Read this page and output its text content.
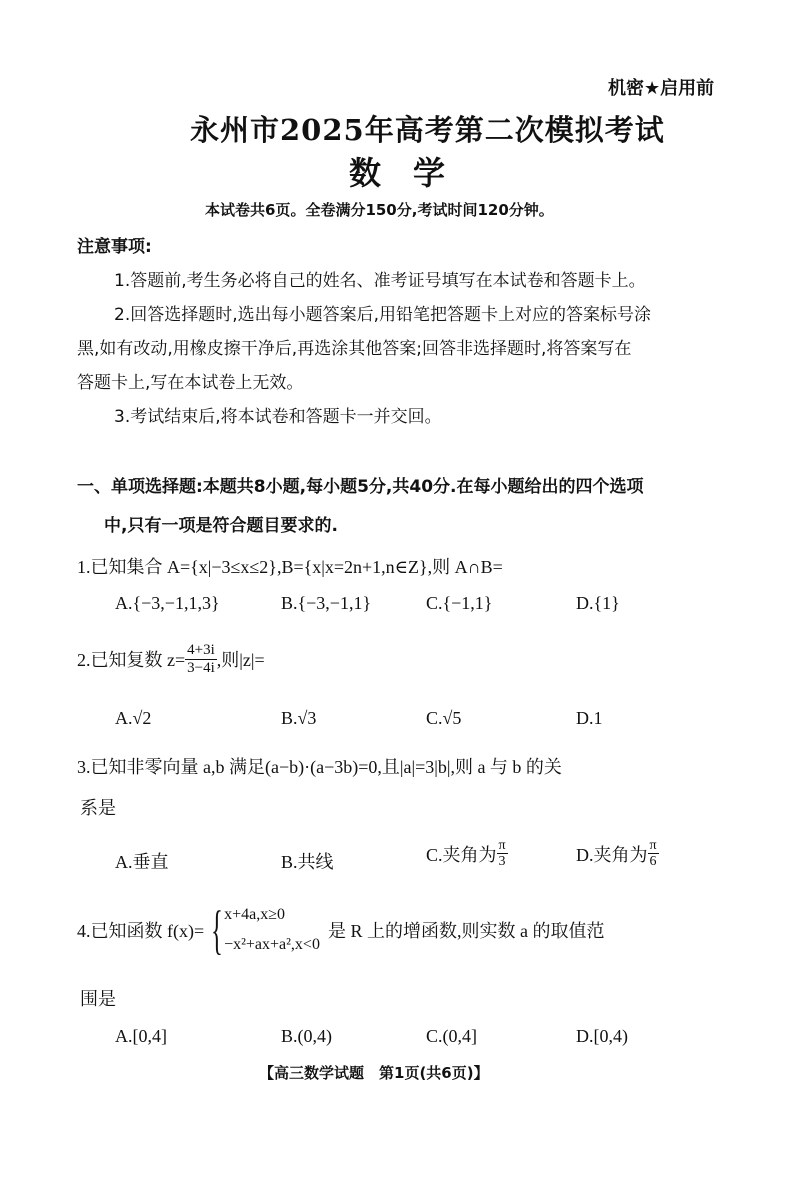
机密★启用前
永州市2025年高考第二次模拟考试
数　学
本试卷共6页。全卷满分150分,考试时间120分钟。
注意事项:
1.答题前,考生务必将自己的姓名、准考证号填写在本试卷和答题卡上。
2.回答选择题时,选出每小题答案后,用铅笔把答题卡上对应的答案标号涂
黑,如有改动,用橡皮擦干净后,再选涂其他答案;回答非选择题时,将答案写在
答题卡上,写在本试卷上无效。
3.考试结束后,将本试卷和答题卡一并交回。
一、单项选择题:本题共8小题,每小题5分,共40分.在每小题给出的四个选项
中,只有一项是符合题目要求的.
1.已知集合 A={x|−3≤x≤2},B={x|x=2n+1,n∈Z},则 A∩B=
A.{−3,−1,1,3}	B.{−3,−1,1}	C.{−1,1}	D.{1}
2.已知复数 $z= \frac{4+3i}{3-4i}$ ,则|z|=
A.√2	B.√3	C.√5	D.1
3.已知非零向量 a,b 满足(a−b)·(a−3b)=0,且|a|=3|b|,则 a 与 b 的关
系是
A.垂直	B.共线	C.夹角为 $\frac{\pi}{3}$	D.夹角为 $\frac{\pi}{6}$
4.已知函数 f(x)= { x+4a,x≥0
−x²+ax+a²,x<0
是 R 上的增函数,则实数 a 的取值范
围是
A.[0,4]	B.(0,4)	C.(0,4]	D.[0,4)
【高三数学试题　第1页(共6页)】
